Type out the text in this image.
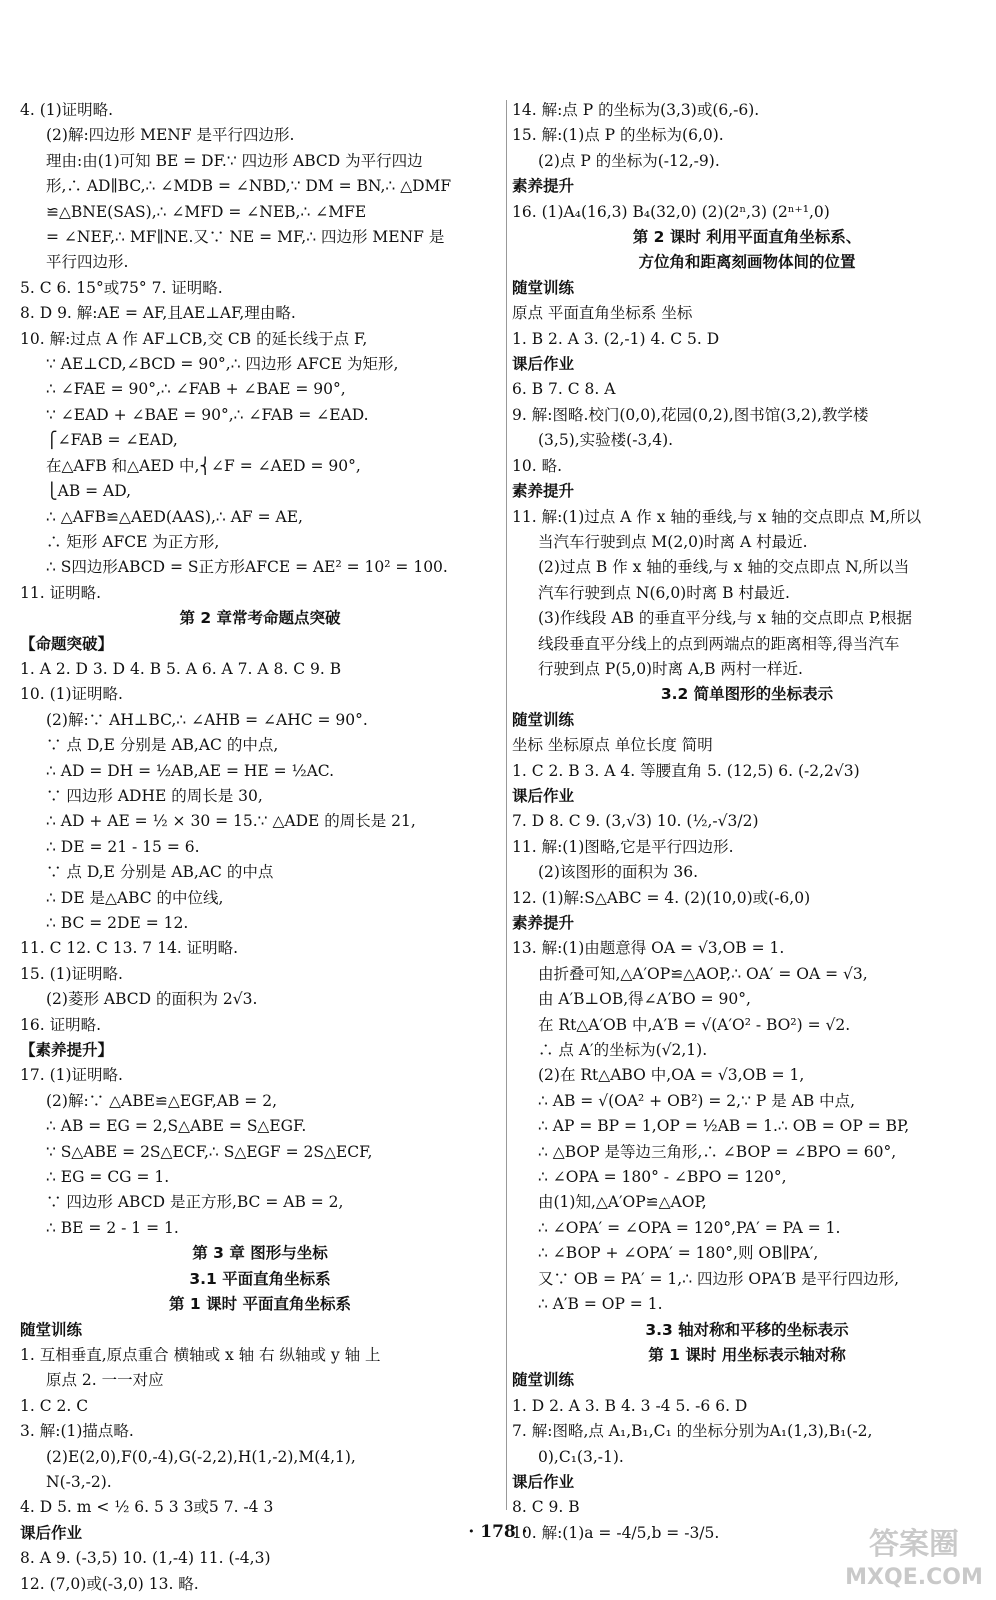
4. (1)证明略.
(2)解:四边形 MENF 是平行四边形.
理由:由(1)可知 BE = DF.∵ 四边形 ABCD 为平行四边
形,∴ AD∥BC,∴ ∠MDB = ∠NBD,∵ DM = BN,∴ △DMF
≌△BNE(SAS),∴ ∠MFD = ∠NEB,∴ ∠MFE
= ∠NEF,∴ MF∥NE.又∵ NE = MF,∴ 四边形 MENF 是
平行四边形.
5. C 6. 15°或75° 7. 证明略.
8. D 9. 解:AE = AF,且AE⊥AF,理由略.
10. 解:过点 A 作 AF⊥CB,交 CB 的延长线于点 F,
∵ AE⊥CD,∠BCD = 90°,∴ 四边形 AFCE 为矩形,
∴ ∠FAE = 90°,∴ ∠FAB + ∠BAE = 90°,
∵ ∠EAD + ∠BAE = 90°,∴ ∠FAB = ∠EAD.
⎧∠FAB = ∠EAD,
在△AFB 和△AED 中,⎨∠F = ∠AED = 90°,
⎩AB = AD,
∴ △AFB≌△AED(AAS),∴ AF = AE,
∴ 矩形 AFCE 为正方形,
∴ S四边形ABCD = S正方形AFCE = AE² = 10² = 100.
11. 证明略.
第 2 章常考命题点突破
【命题突破】
1. A 2. D 3. D 4. B 5. A 6. A 7. A 8. C 9. B
10. (1)证明略.
(2)解:∵ AH⊥BC,∴ ∠AHB = ∠AHC = 90°.
∵ 点 D,E 分别是 AB,AC 的中点,
∴ AD = DH = ½AB,AE = HE = ½AC.
∵ 四边形 ADHE 的周长是 30,
∴ AD + AE = ½ × 30 = 15.∵ △ADE 的周长是 21,
∴ DE = 21 - 15 = 6.
∵ 点 D,E 分别是 AB,AC 的中点
∴ DE 是△ABC 的中位线,
∴ BC = 2DE = 12.
11. C 12. C 13. 7 14. 证明略.
15. (1)证明略.
(2)菱形 ABCD 的面积为 2√3.
16. 证明略.
【素养提升】
17. (1)证明略.
(2)解:∵ △ABE≌△EGF,AB = 2,
∴ AB = EG = 2,S△ABE = S△EGF.
∵ S△ABE = 2S△ECF,∴ S△EGF = 2S△ECF,
∴ EG = CG = 1.
∵ 四边形 ABCD 是正方形,BC = AB = 2,
∴ BE = 2 - 1 = 1.
第 3 章 图形与坐标
3.1 平面直角坐标系
第 1 课时 平面直角坐标系
随堂训练
1. 互相垂直,原点重合 横轴或 x 轴 右 纵轴或 y 轴 上
原点 2. 一一对应
1. C 2. C
3. 解:(1)描点略.
(2)E(2,0),F(0,-4),G(-2,2),H(1,-2),M(4,1),
N(-3,-2).
4. D 5. m < ½ 6. 5 3 3或5 7. -4 3
课后作业
8. A 9. (-3,5) 10. (1,-4) 11. (-4,3)
12. (7,0)或(-3,0) 13. 略.
14. 解:点 P 的坐标为(3,3)或(6,-6).
15. 解:(1)点 P 的坐标为(6,0).
(2)点 P 的坐标为(-12,-9).
素养提升
16. (1)A₄(16,3) B₄(32,0) (2)(2ⁿ,3) (2ⁿ⁺¹,0)
第 2 课时 利用平面直角坐标系、
方位角和距离刻画物体间的位置
随堂训练
原点 平面直角坐标系 坐标
1. B 2. A 3. (2,-1) 4. C 5. D
课后作业
6. B 7. C 8. A
9. 解:图略.校门(0,0),花园(0,2),图书馆(3,2),教学楼
(3,5),实验楼(-3,4).
10. 略.
素养提升
11. 解:(1)过点 A 作 x 轴的垂线,与 x 轴的交点即点 M,所以
当汽车行驶到点 M(2,0)时离 A 村最近.
(2)过点 B 作 x 轴的垂线,与 x 轴的交点即点 N,所以当
汽车行驶到点 N(6,0)时离 B 村最近.
(3)作线段 AB 的垂直平分线,与 x 轴的交点即点 P,根据
线段垂直平分线上的点到两端点的距离相等,得当汽车
行驶到点 P(5,0)时离 A,B 两村一样近.
3.2 简单图形的坐标表示
随堂训练
坐标 坐标原点 单位长度 简明
1. C 2. B 3. A 4. 等腰直角 5. (12,5) 6. (-2,2√3)
课后作业
7. D 8. C 9. (3,√3) 10. (½,-√3/2)
11. 解:(1)图略,它是平行四边形.
(2)该图形的面积为 36.
12. (1)解:S△ABC = 4. (2)(10,0)或(-6,0)
素养提升
13. 解:(1)由题意得 OA = √3,OB = 1.
由折叠可知,△A′OP≌△AOP,∴ OA′ = OA = √3,
由 A′B⊥OB,得∠A′BO = 90°,
在 Rt△A′OB 中,A′B = √(A′O² - BO²) = √2.
∴ 点 A′的坐标为(√2,1).
(2)在 Rt△ABO 中,OA = √3,OB = 1,
∴ AB = √(OA² + OB²) = 2,∵ P 是 AB 中点,
∴ AP = BP = 1,OP = ½AB = 1.∴ OB = OP = BP,
∴ △BOP 是等边三角形,∴ ∠BOP = ∠BPO = 60°,
∴ ∠OPA = 180° - ∠BPO = 120°,
由(1)知,△A′OP≌△AOP,
∴ ∠OPA′ = ∠OPA = 120°,PA′ = PA = 1.
∴ ∠BOP + ∠OPA′ = 180°,则 OB∥PA′,
又∵ OB = PA′ = 1,∴ 四边形 OPA′B 是平行四边形,
∴ A′B = OP = 1.
3.3 轴对称和平移的坐标表示
第 1 课时 用坐标表示轴对称
随堂训练
1. D 2. A 3. B 4. 3 -4 5. -6 6. D
7. 解:图略,点 A₁,B₁,C₁ 的坐标分别为A₁(1,3),B₁(-2,
0),C₁(3,-1).
课后作业
8. C 9. B
10. 解:(1)a = -4/5,b = -3/5.
· 178 ·	答案圈
MXQE.COM
